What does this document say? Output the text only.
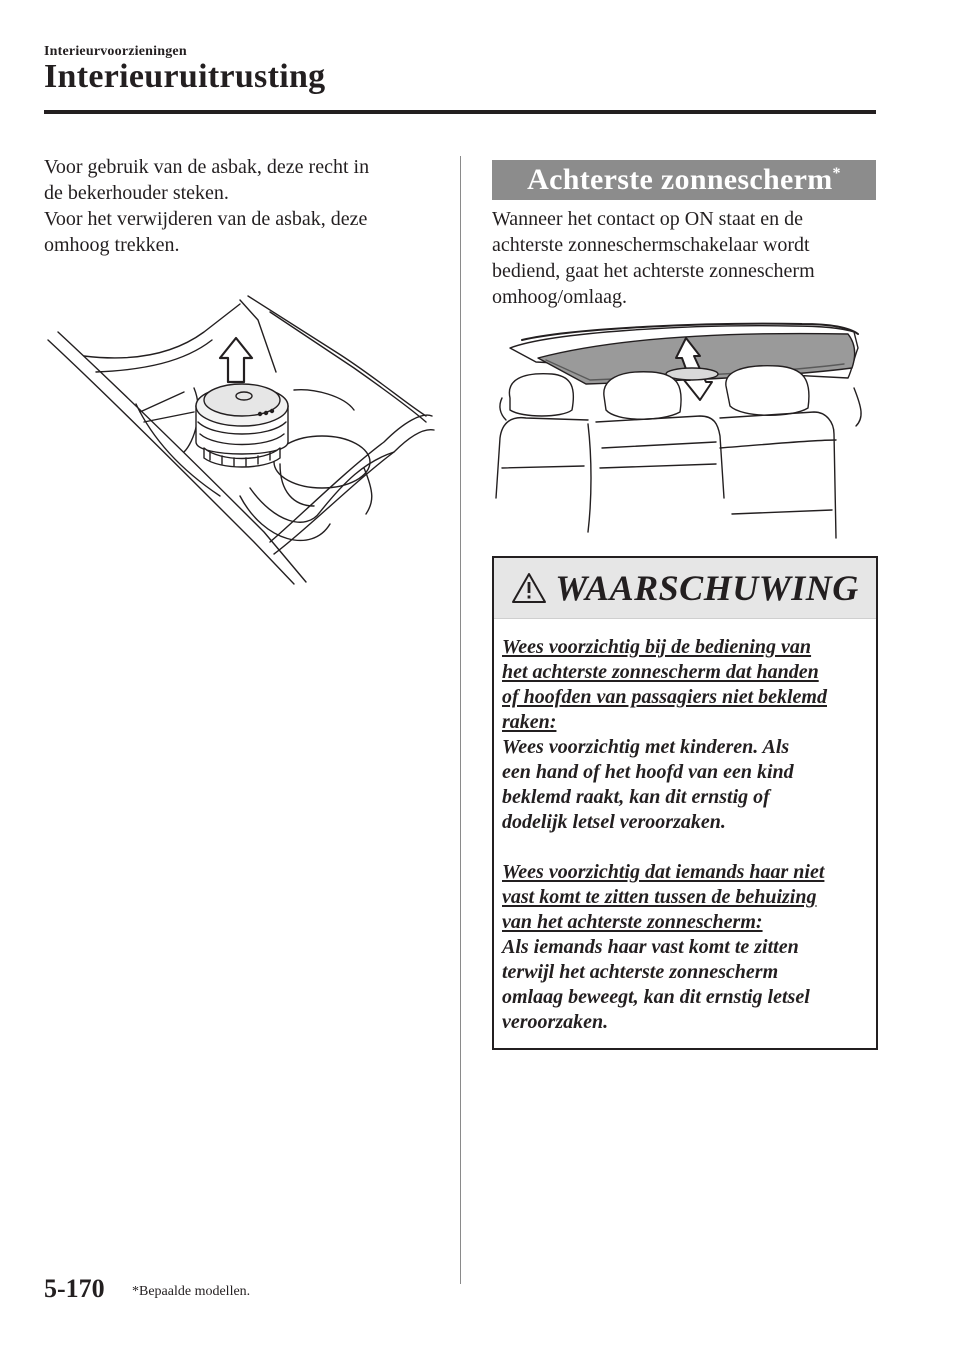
Interieurvoorzieningen
Interieuruitrusting

Voor gebruik van de asbak, deze recht in

de bekerhouder steken.

Voor het verwijderen van de asbak, deze

omhoog trekken.

Achterste zonnescherm*

Wanneer het contact op ON staat en de

achterste zonneschermschakelaar wordt

bediend, gaat het achterste zonnescherm

omhoog/omlaag.

WAARSCHUWING

Wees voorzichtig bij de bediening van

het achterste zonnescherm dat handen

of hoofden van passagiers niet beklemd

raken:

Wees voorzichtig met kinderen. Als

een hand of het hoofd van een kind

beklemd raakt, kan dit ernstig of

dodelijk letsel veroorzaken.

Wees voorzichtig dat iemands haar niet

vast komt te zitten tussen de behuizing

van het achterste zonnescherm:

Als iemands haar vast komt te zitten

terwijl het achterste zonnescherm

omlaag beweegt, kan dit ernstig letsel

veroorzaken.

5-170 *Bepaalde modellen.
